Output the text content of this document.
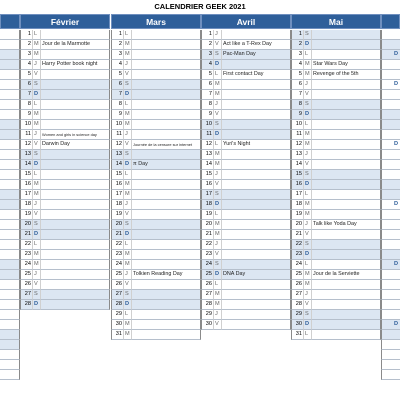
CALENDRIER GEEK 2021
D
D
D
D
D
D
Février
1 L
2 M Jour de la Marmotte
3 M
4 J Harry Potter book night
5 V
6 S
7 D
8 L
9 M
10 M
11 J	Women and girls in science day
12 V Darwin Day
13 S
14 D
15 L
16 M
17 M
18 J
19 V
20 S
21 D
22 L
23 M
24 M
25 J
26 V
27 S
28 D
Mars
1 L
2 M
3 M
4 J
5 V
6 S
7 D
8 L
9 M
10 M
11 J
12 V	Journée de la censure sur internet
13 S
14 D π Day
15 L
16 M
17 M
18 J
19 V
20 S
21 D
22 L
23 M
24 M
25 J Tolkien Reading Day
26 V
27 S
28 D
29 L
30 M
31 M
Avril
1 J
2 V Act like a T-Rex Day
3 S Pac-Man Day
4 D
5 L First contact Day
6 M
7 M
8 J
9 V
10 S
11 D
12 L Yuri's Night
13 M
14 M
15 J
16 V
17 S
18 D
19 L
20 M
21 M
22 J
23 V
24 S
25 D DNA Day
26 L
27 M
28 M
29 J
30 V
Mai
1 S
2 D
3 L
4 M Star Wars Day
5 M Revenge of the 5th
6 J
7 V
8 S
9 D
10 L
11 M
12 M
13 J
14 V
15 S
16 D
17 L
18 M
19 M
20 J Talk like Yoda Day
21 V
22 S
23 D
24 L
25 M Jour de la Serviette
26 M
27 J
28 V
29 S
30 D
31 L
